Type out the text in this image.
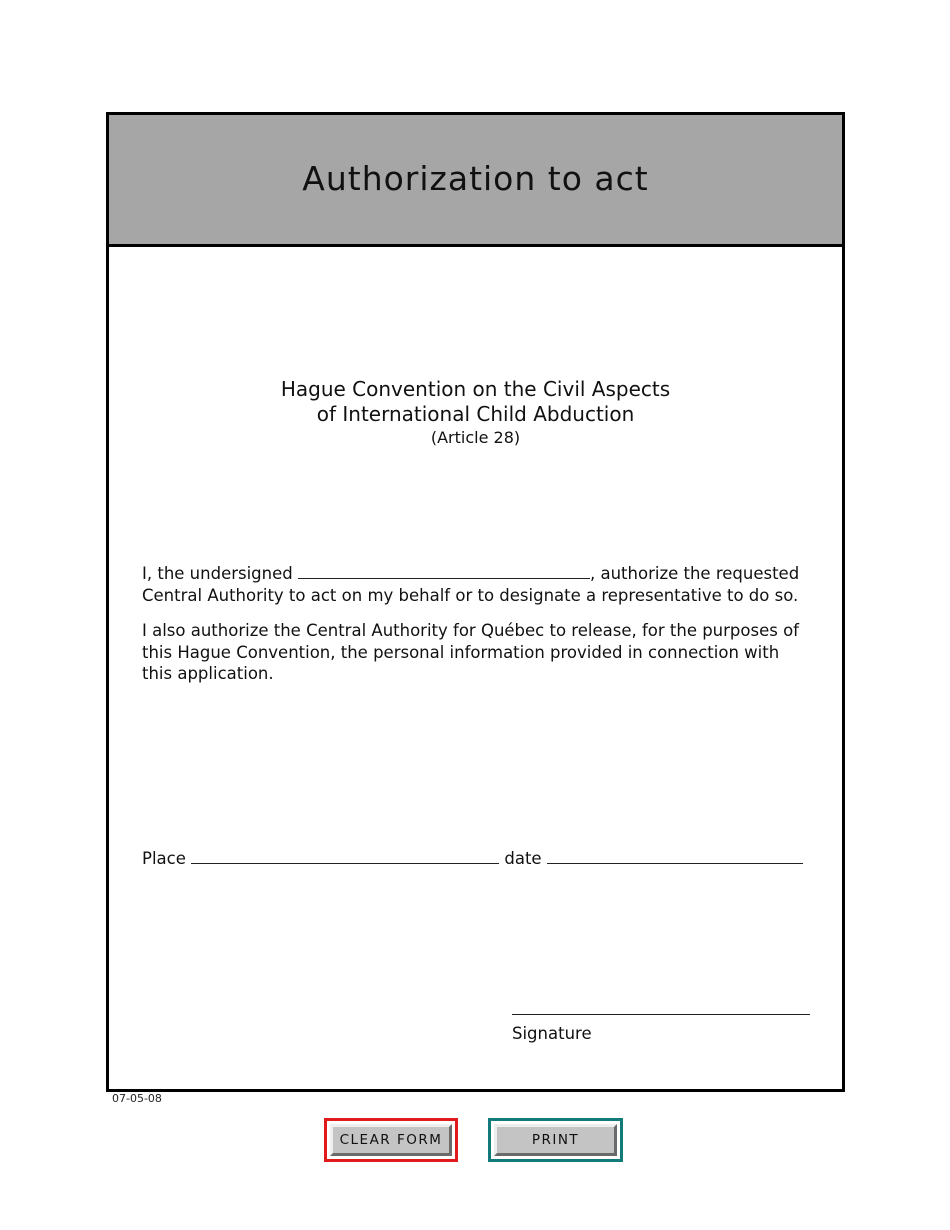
Authorization to act
Hague Convention on the Civil Aspects
of International Child Abduction
(Article 28)

I, the undersigned	, authorize the requested Central Authority to act on my behalf or to designate a representative to do so.

I also authorize the Central Authority for Québec to release, for the purposes of this Hague Convention, the personal information provided in connection with this application.

Place	date
Signature
07-05-08
CLEAR FORM	PRINT
